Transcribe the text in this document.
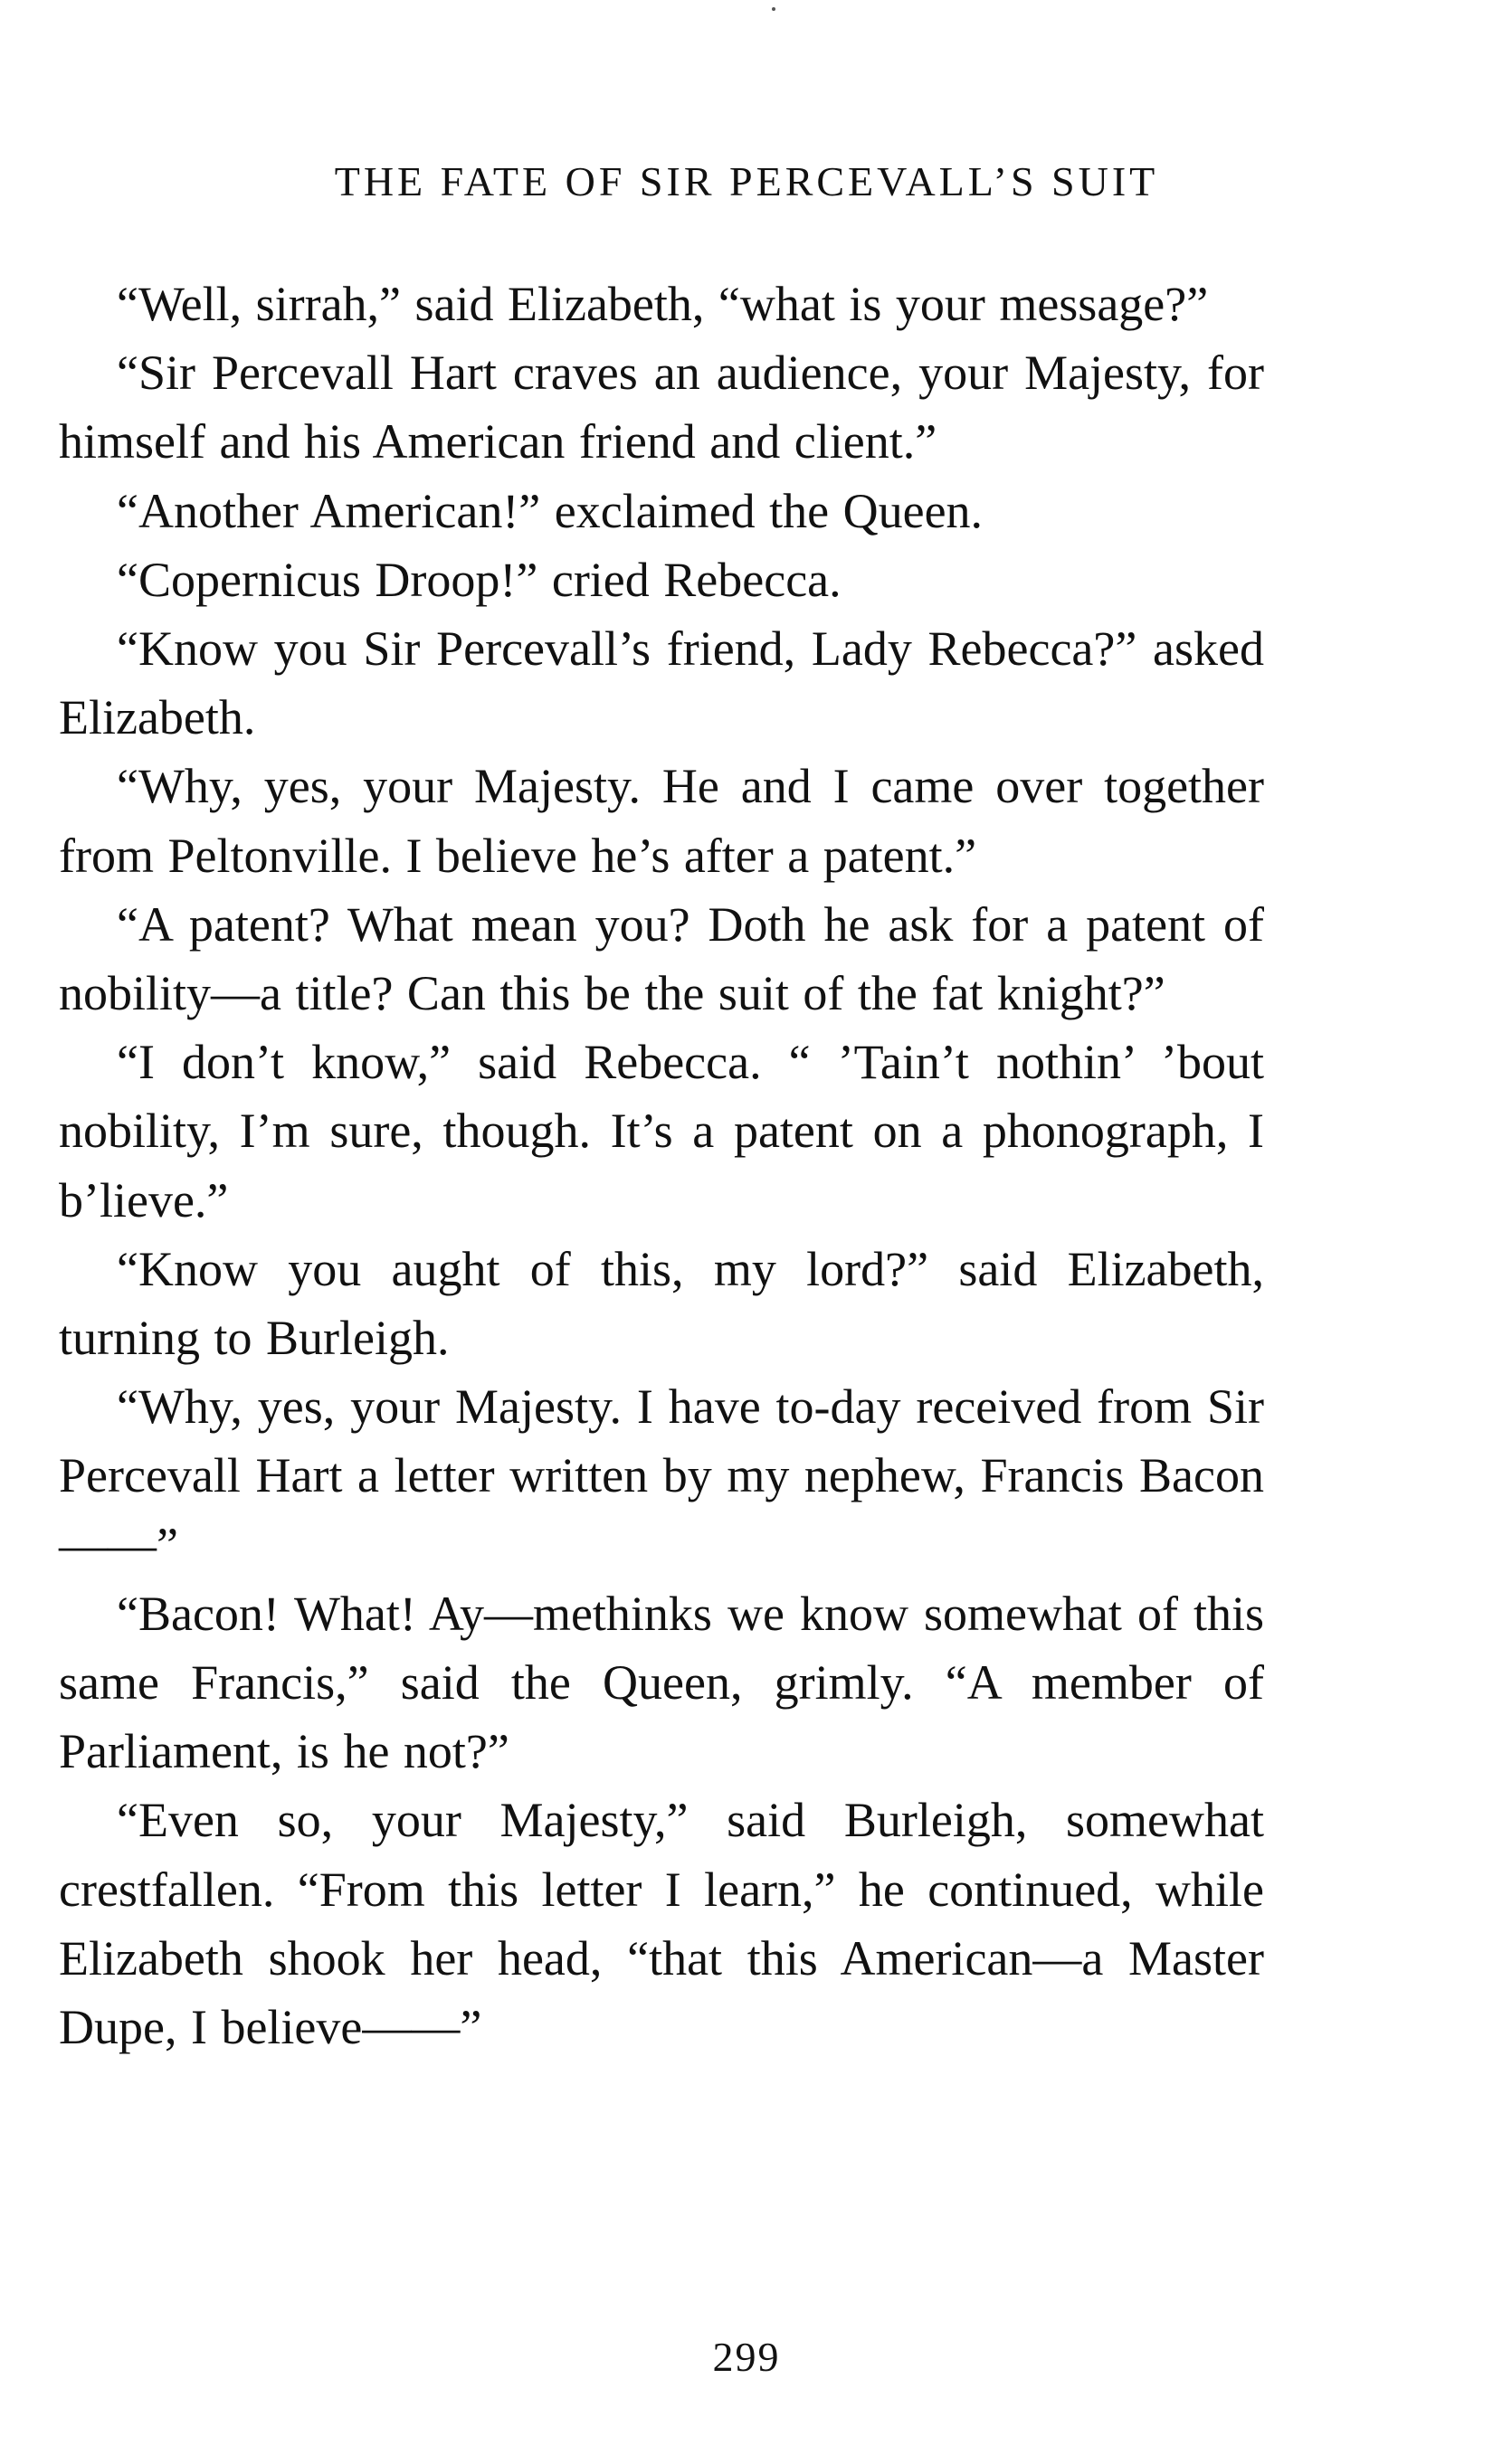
THE FATE OF SIR PERCEVALL’S SUIT

“Well, sirrah,” said Elizabeth, “what is your message?”

“Sir Percevall Hart craves an audience, your Majesty, for himself and his American friend and client.”

“Another American!” exclaimed the Queen.

“Copernicus Droop!” cried Rebecca.

“Know you Sir Percevall’s friend, Lady Rebecca?” asked Elizabeth.

“Why, yes, your Majesty. He and I came over together from Peltonville. I believe he’s after a patent.”

“A patent? What mean you? Doth he ask for a patent of nobility—a title? Can this be the suit of the fat knight?”

“I don’t know,” said Rebecca. “ ’Tain’t nothin’ ’bout nobility, I’m sure, though. It’s a patent on a phonograph, I b’lieve.”

“Know you aught of this, my lord?” said Elizabeth, turning to Burleigh.

“Why, yes, your Majesty. I have to-day received from Sir Percevall Hart a letter written by my nephew, Francis Bacon——”

“Bacon! What! Ay—methinks we know somewhat of this same Francis,” said the Queen, grimly. “A member of Parliament, is he not?”

“Even so, your Majesty,” said Burleigh, somewhat crestfallen. “From this letter I learn,” he continued, while Elizabeth shook her head, “that this American—a Master Dupe, I believe——”

299
